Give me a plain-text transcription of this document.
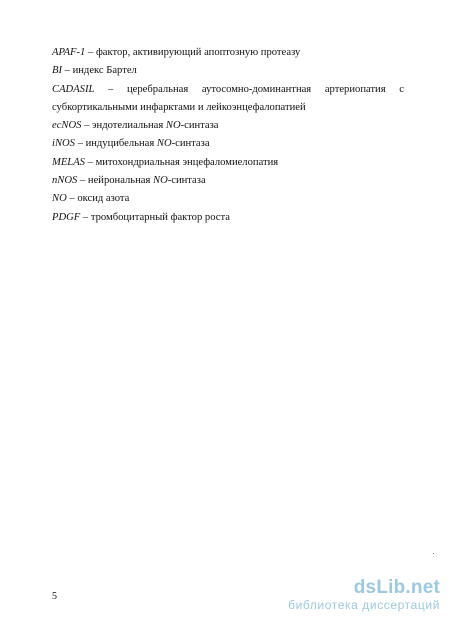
APAF-1 – фактор, активирующий апоптозную протеазу
BI – индекс Бартел
CADASIL – церебральная аутосомно-доминантная артериопатия с
субкортикальными инфарктами и лейкоэнцефалопатией
ecNOS – эндотелиальная NO-синтаза
iNOS – индуцибельная NO-синтаза
MELAS – митохондриальная энцефаломиелопатия
nNOS – нейрональная NO-синтаза
NO – оксид азота
PDGF – тромбоцитарный фактор роста
5	dsLib.net
библиотека диссертаций
